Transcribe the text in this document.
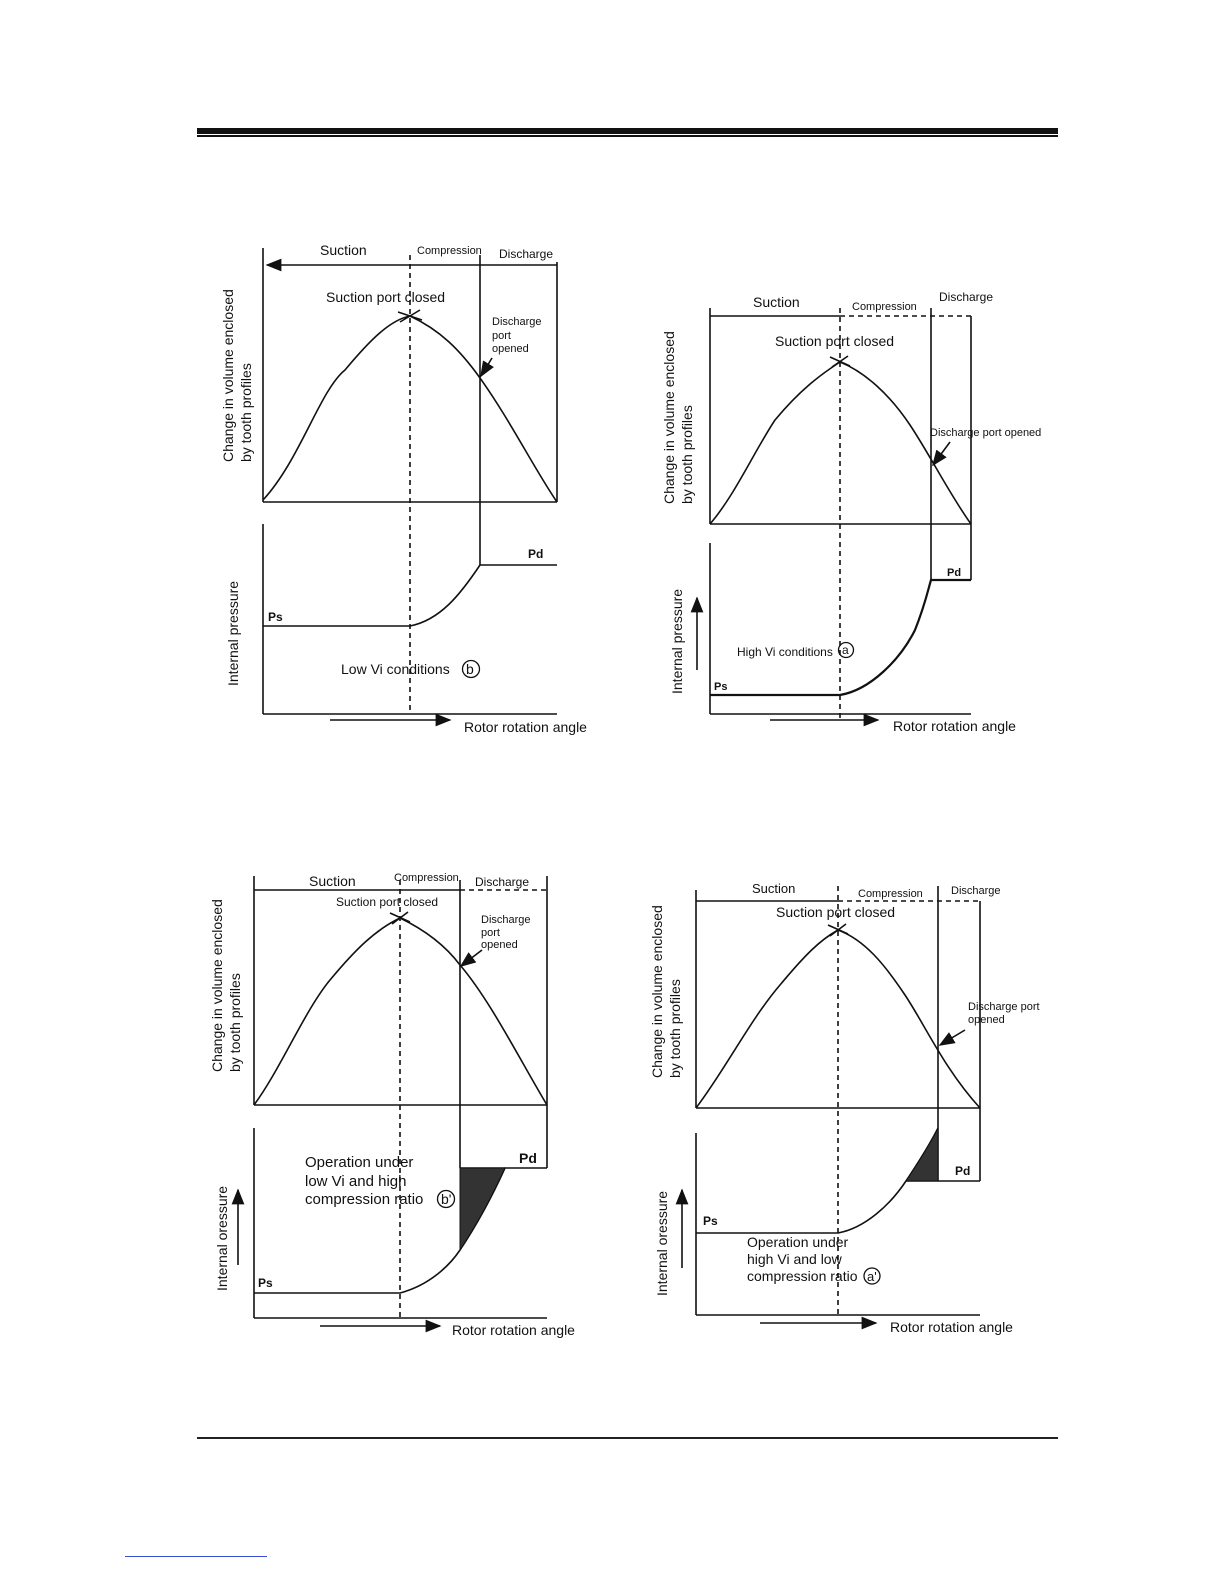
Suction	Compression Discharge
Suction port closed
Discharge
port
opened
Change in volume enclosed by tooth profiles
Internal pressure
Pd
Ps
Low Vi conditions b
Rotor rotation angle
Suction	Compression
Discharge
Suction port closed
Discharge port opened
Change in volume enclosed by tooth profiles
Internal pressure
Pd
Ps
High Vi conditions a
Rotor rotation angle
Suction	Compression Discharge
Suction port closed
Discharge
port
opened
Change in volume enclosed by tooth profiles
Internal oressure
Pd
Ps
Operation under
low Vi and high
compression ratio b'
Rotor rotation angle
Suction	Compression	Discharge
Suction port closed
Discharge port
opened
Change in volume enclosed by tooth profiles
Internal oressure
Pd
Ps
Operation under
high Vi and low
compression ratio a'
Rotor rotation angle
